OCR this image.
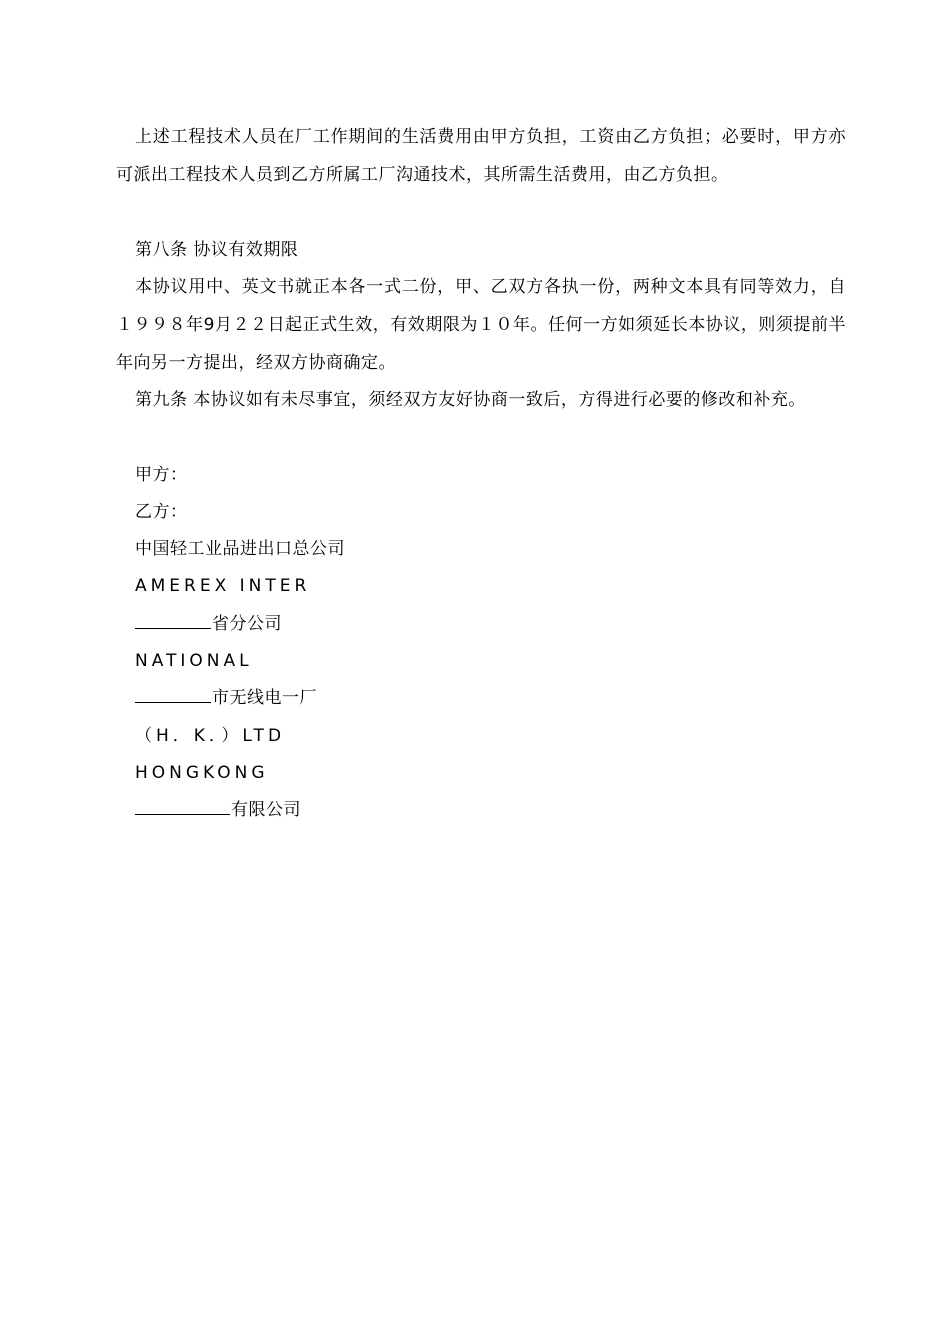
上述工程技术人员在厂工作期间的生活费用由甲方负担，工资由乙方负担；必要时，甲方亦可派出工程技术人员到乙方所属工厂沟通技术，其所需生活费用，由乙方负担。

第八条 协议有效期限

本协议用中、英文书就正本各一式二份，甲、乙双方各执一份，两种文本具有同等效力，自１９９８年9月２２日起正式生效，有效期限为１０年。任何一方如须延长本协议，则须提前半年向另一方提出，经双方协商确定。

第九条 本协议如有未尽事宜，须经双方友好协商一致后，方得进行必要的修改和补充。

甲方：

乙方：

中国轻工业品进出口总公司

AMEREX INTER

省分公司

NATIONAL

市无线电一厂

（H．K．）LTD

HONGKONG

有限公司
